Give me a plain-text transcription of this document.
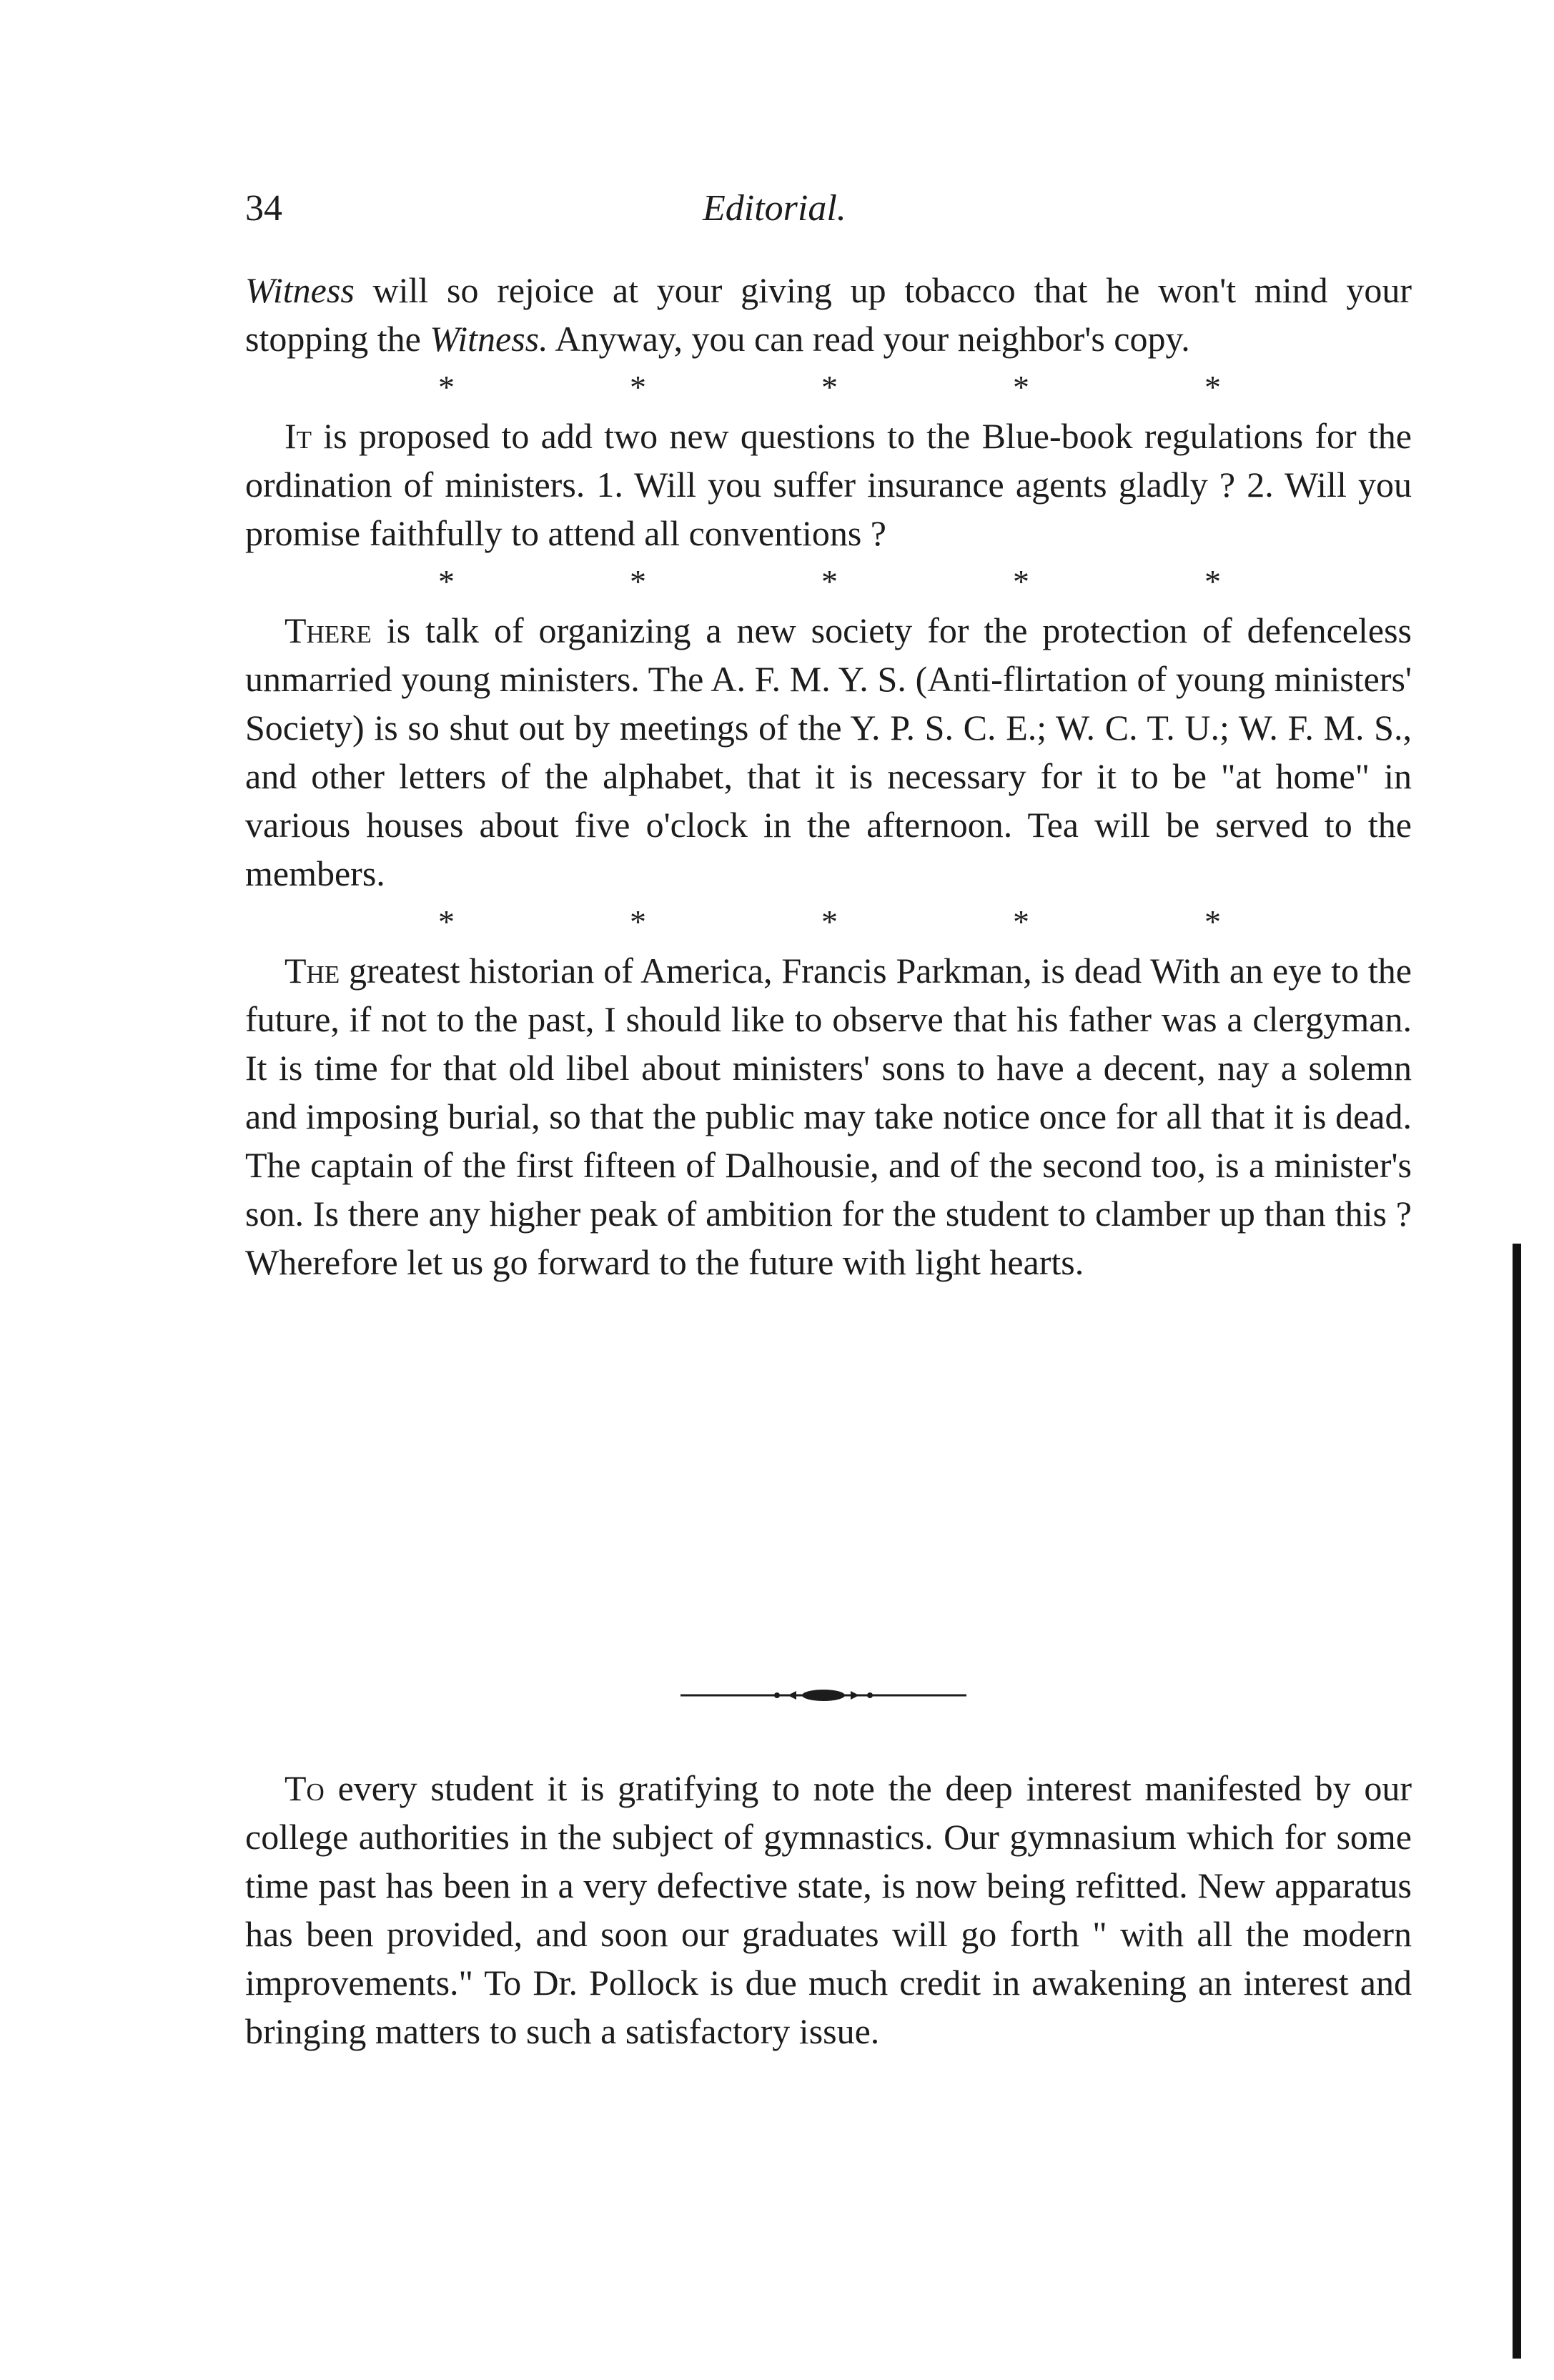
34	Editorial.

Witness will so rejoice at your giving up tobacco that he won't mind your stopping the Witness. Anyway, you can read your neighbor's copy.

*	*	*	*	*

It is proposed to add two new questions to the Blue-book regulations for the ordination of ministers. 1. Will you suffer insurance agents gladly ? 2. Will you promise faithfully to attend all conventions ?

*	*	*	*	*

There is talk of organizing a new society for the protection of defenceless unmarried young ministers. The A. F. M. Y. S. (Anti-flirtation of young ministers' Society) is so shut out by meetings of the Y. P. S. C. E.; W. C. T. U.; W. F. M. S., and other letters of the alphabet, that it is necessary for it to be "at home" in various houses about five o'clock in the afternoon. Tea will be served to the members.

*	*	*	*	*

The greatest historian of America, Francis Parkman, is dead With an eye to the future, if not to the past, I should like to observe that his father was a clergyman. It is time for that old libel about ministers' sons to have a decent, nay a solemn and imposing burial, so that the public may take notice once for all that it is dead. The captain of the first fifteen of Dalhousie, and of the second too, is a minister's son. Is there any higher peak of ambition for the student to clamber up than this ? Wherefore let us go forward to the future with light hearts.

To every student it is gratifying to note the deep interest manifested by our college authorities in the subject of gymnastics. Our gymnasium which for some time past has been in a very defective state, is now being refitted. New apparatus has been provided, and soon our graduates will go forth " with all the modern improvements." To Dr. Pollock is due much credit in awakening an interest and bringing matters to such a satisfactory issue.
